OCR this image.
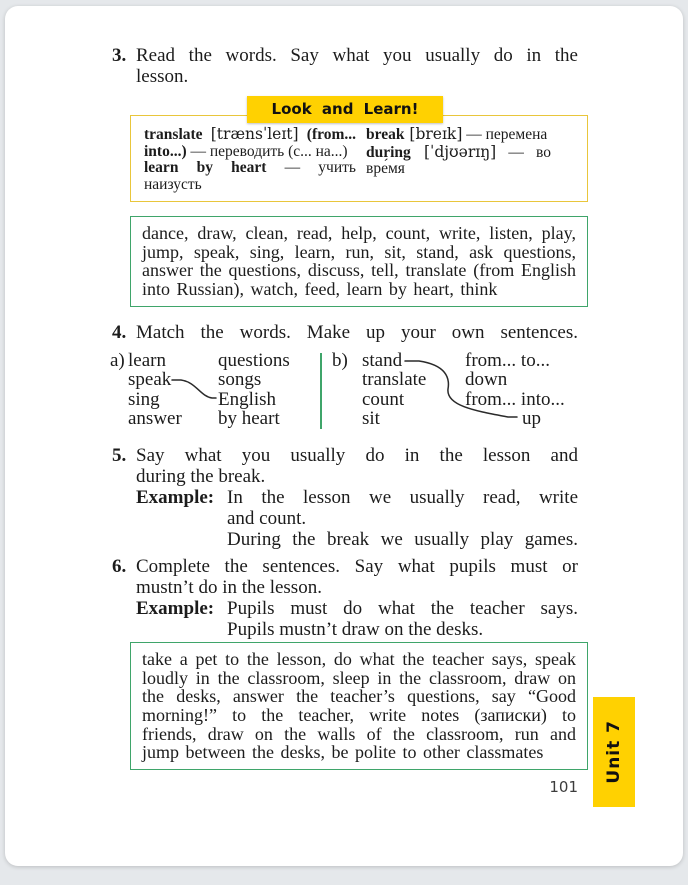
3. Read the words. Say what you usually do in the
lesson.
Look and Learn!

translate [trænsˈleɪt] (from... into...) — переводить (с... на...)

learn by heart — учить наизусть

break [breɪk] — перемена

during [ˈdjʊərɪŋ] — во вре́мя

dance, draw, clean, read, help, count, write, listen, play, jump, speak, sing, learn, run, sit, stand, ask questions, answer the questions, discuss, tell, translate (from English into Russian), watch, feed, learn by heart, think
4. Match the words. Make up your own sentences.
a) learn
speak
sing
answer
questions
songs
English
by heart
b) stand
translate
count
sit
from... to...
down
from... into...
up
5. Say what you usually do in the lesson and
during the break.
Example: In the lesson we usually read, write
and count.
During the break we usually play games.
6. Complete the sentences. Say what pupils must or
mustn’t do in the lesson.
Example: Pupils must do what the teacher says.
Pupils mustn’t draw on the desks.
take a pet to the lesson, do what the teacher says, speak loudly in the classroom, sleep in the classroom, draw on the desks, answer the teacher’s questions, say “Good morning!” to the teacher, write notes (записки) to friends, draw on the walls of the classroom, run and jump between the desks, be polite to other classmates
101
Unit 7
